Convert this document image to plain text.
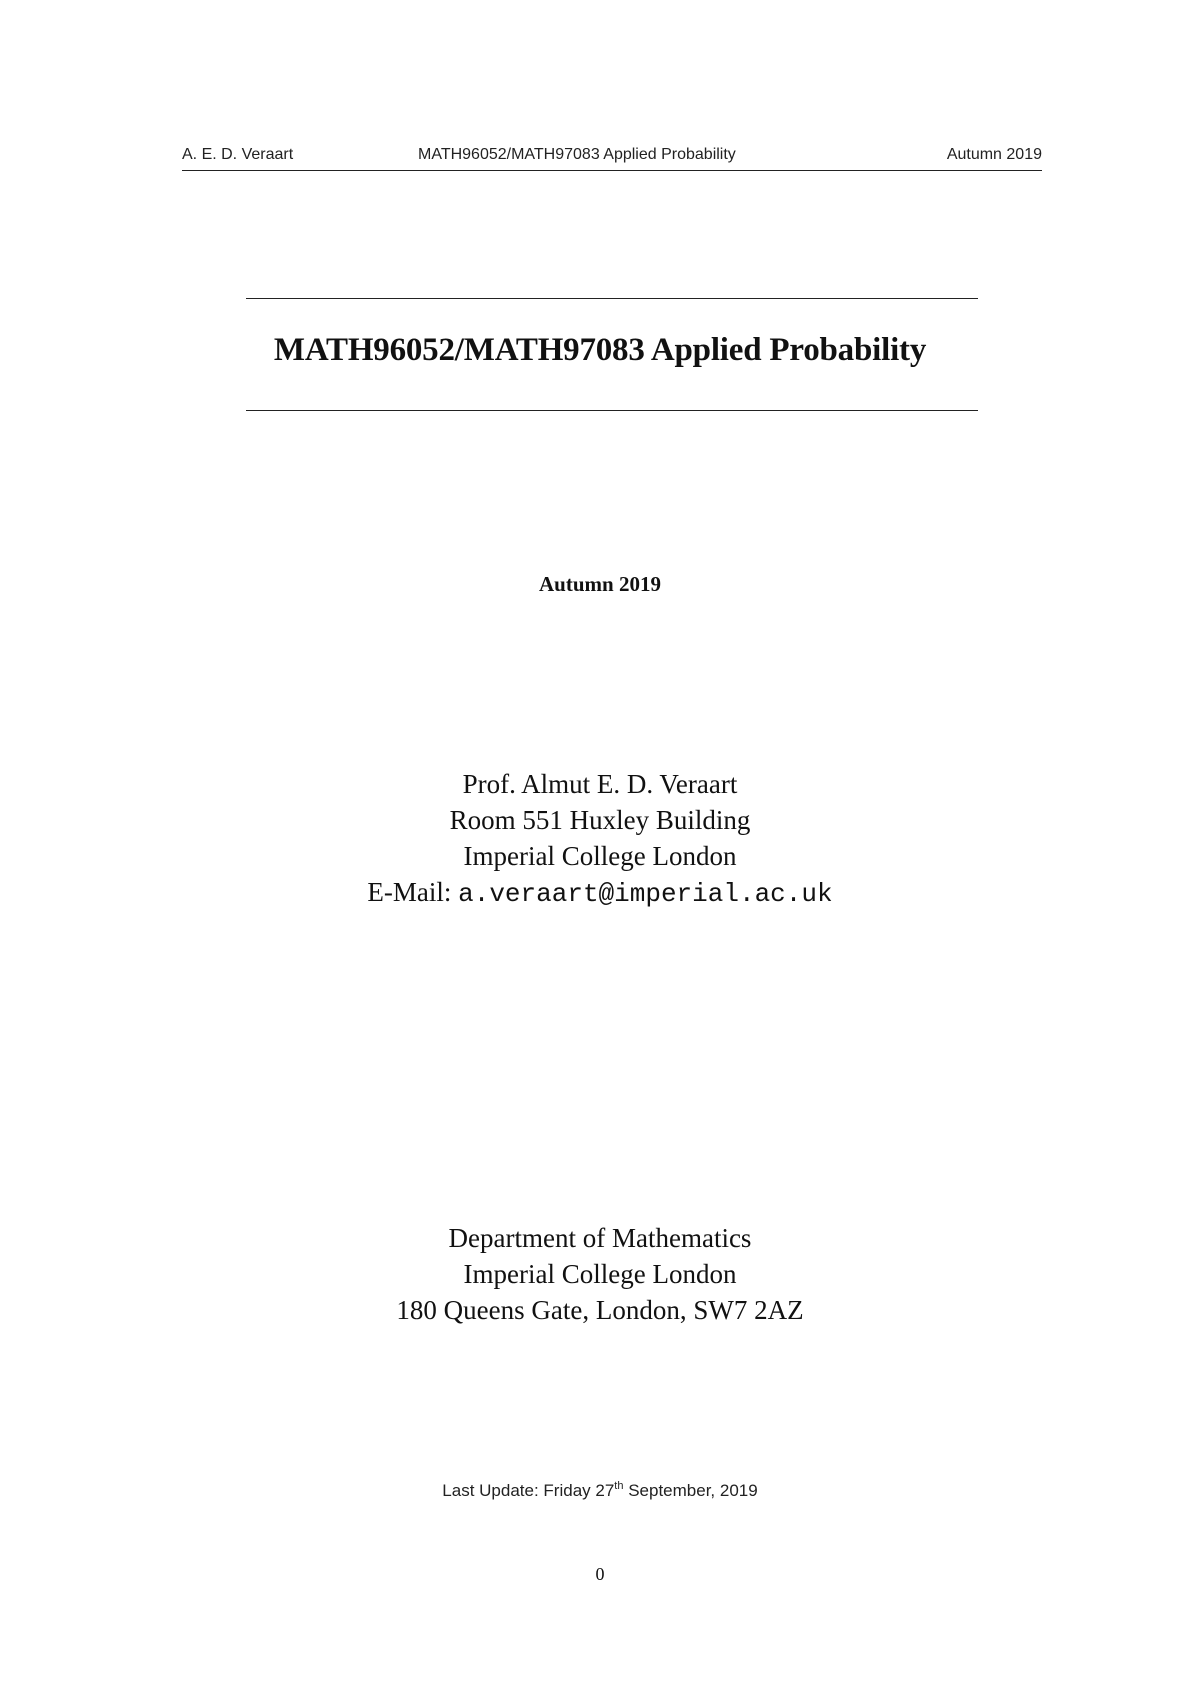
A. E. D. Veraart	MATH96052/MATH97083 Applied Probability	Autumn 2019
MATH96052/MATH97083 Applied Probability
Autumn 2019
Prof. Almut E. D. Veraart
Room 551 Huxley Building
Imperial College London
E-Mail: a.veraart@imperial.ac.uk
Department of Mathematics
Imperial College London
180 Queens Gate, London, SW7 2AZ
Last Update: Friday 27th September, 2019
0
